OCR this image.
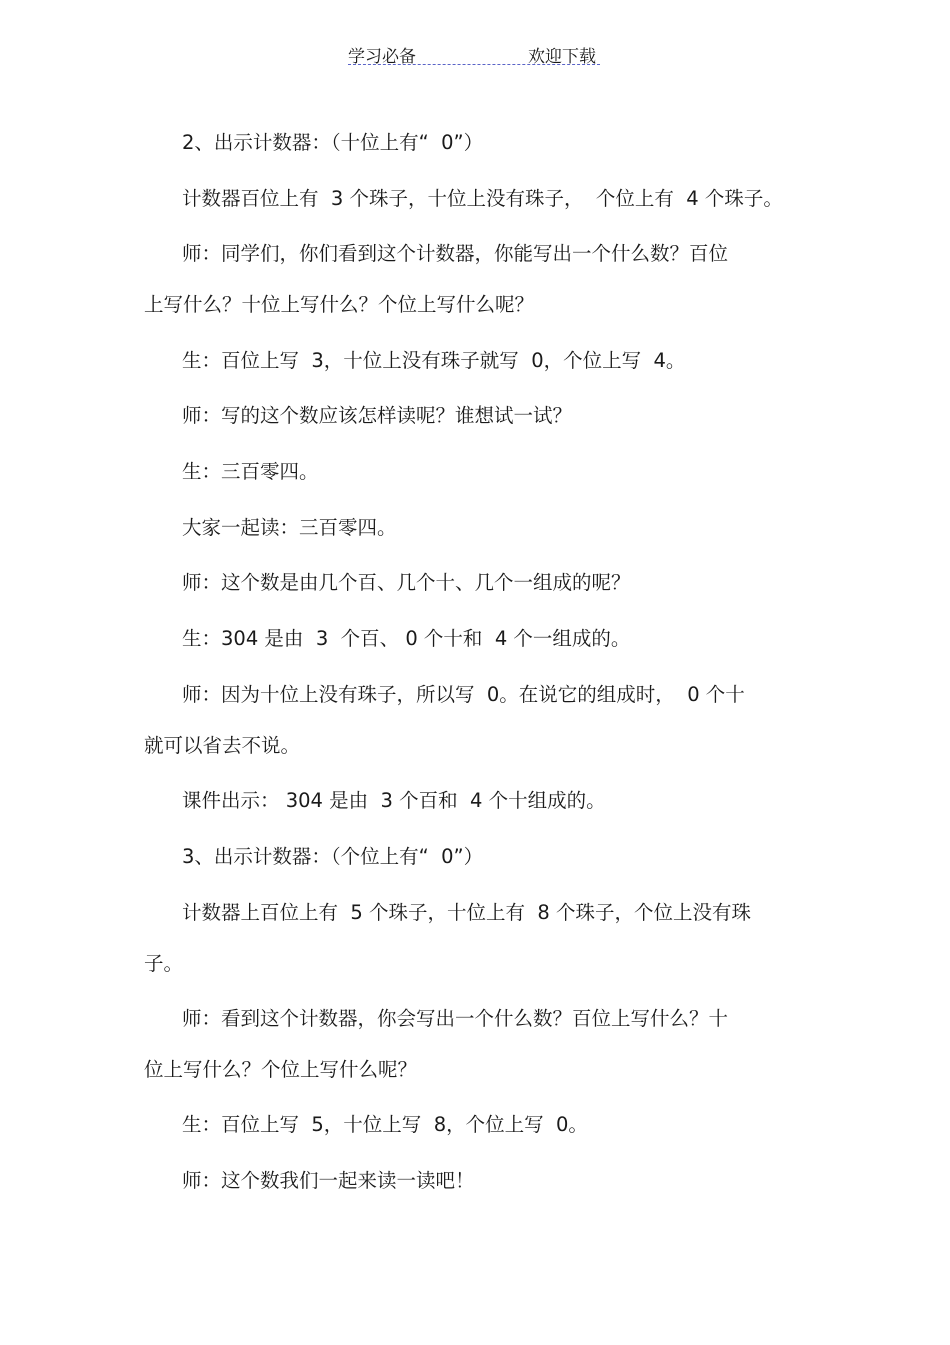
学习必备	欢迎下载
2、出示计数器：（十位上有“  0”）
计数器百位上有  3 个珠子，十位上没有珠子，  个位上有  4 个珠子。
师：同学们，你们看到这个计数器，你能写出一个什么数？百位
上写什么？十位上写什么？个位上写什么呢？
生：百位上写  3，十位上没有珠子就写  0，个位上写  4。
师：写的这个数应该怎样读呢？谁想试一试？
生：三百零四。
大家一起读：三百零四。
师：这个数是由几个百、几个十、几个一组成的呢？
生：304 是由  3  个百、 0 个十和  4 个一组成的。
师：因为十位上没有珠子，所以写  0。在说它的组成时，  0 个十
就可以省去不说。
课件出示： 304 是由  3 个百和  4 个十组成的。
3、出示计数器：（个位上有“  0”）
计数器上百位上有  5 个珠子，十位上有  8 个珠子，个位上没有珠
子。
师：看到这个计数器，你会写出一个什么数？百位上写什么？十
位上写什么？个位上写什么呢？
生：百位上写  5，十位上写  8，个位上写  0。
师：这个数我们一起来读一读吧！
